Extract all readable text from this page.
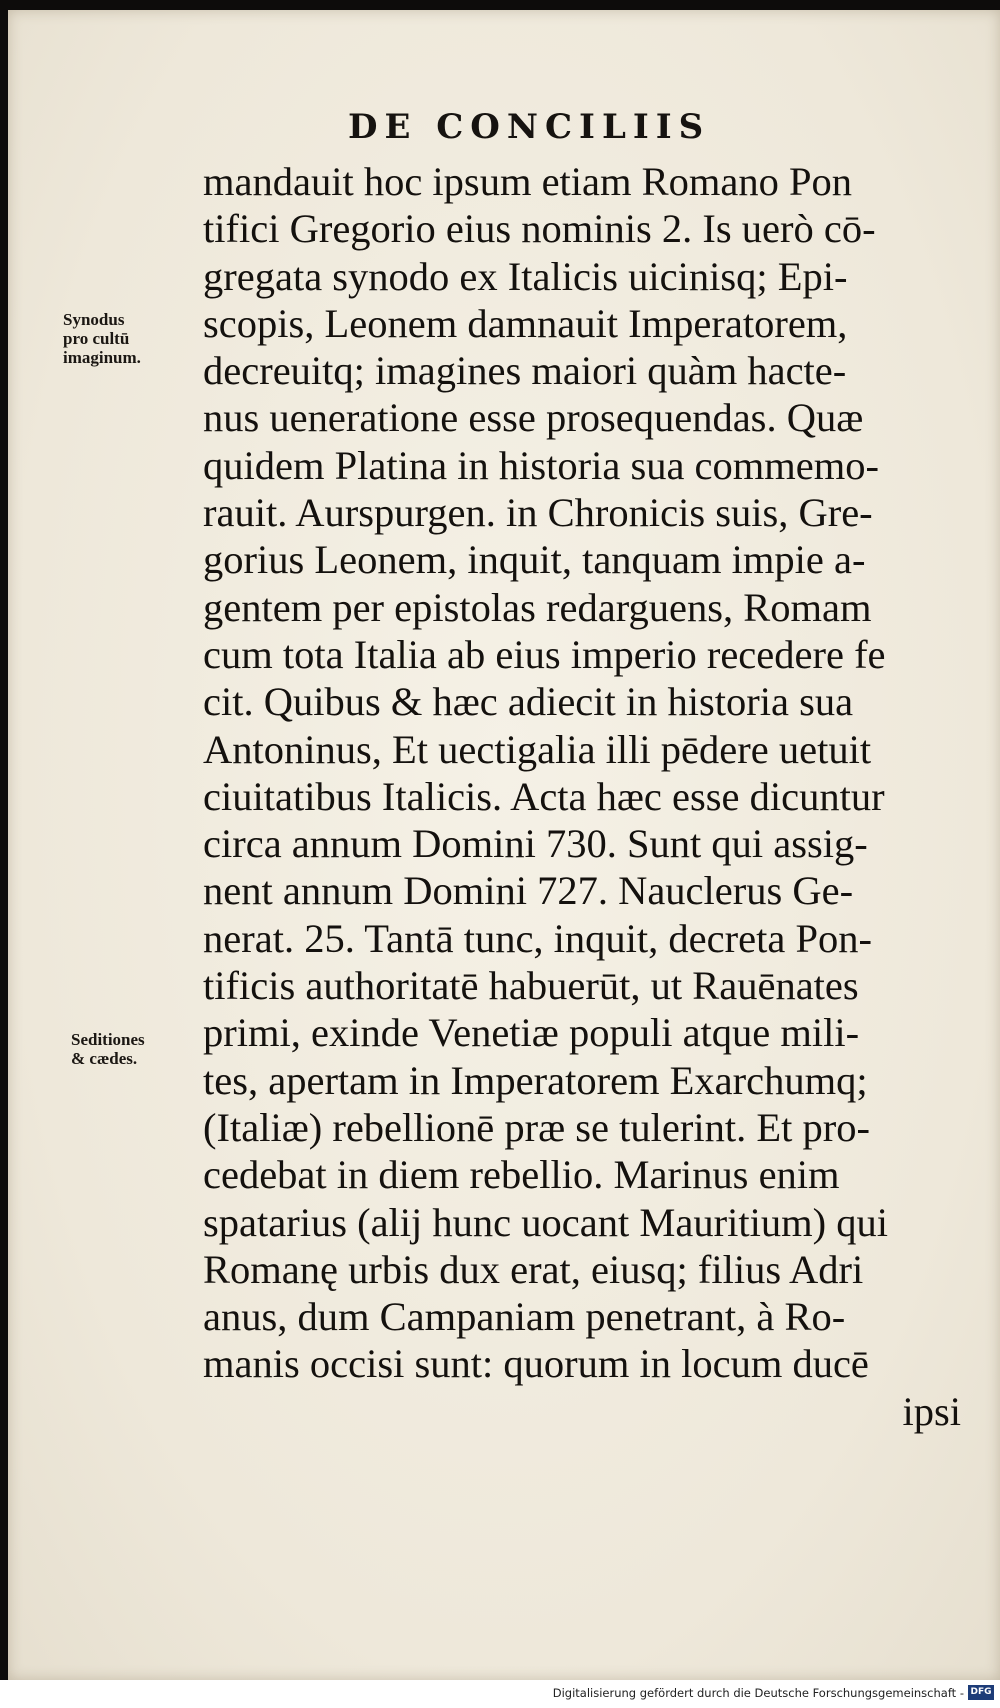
DE CONCILIIS
Synodus
pro cultū
imaginum.
Seditiones
& cædes.
mandauit hoc ipsum etiam Romano Pon
tifici Gregorio eius nominis 2. Is uerò cō-
gregata synodo ex Italicis uicinisq; Epi-
scopis, Leonem damnauit Imperatorem,
decreuitq; imagines maiori quàm hacte-
nus ueneratione esse prosequendas. Quæ
quidem Platina in historia sua commemo-
rauit. Aurspurgen. in Chronicis suis, Gre-
gorius Leonem, inquit, tanquam impie a-
gentem per epistolas redarguens, Romam
cum tota Italia ab eius imperio recedere fe
cit. Quibus & hæc adiecit in historia sua
Antoninus, Et uectigalia illi pēdere uetuit
ciuitatibus Italicis. Acta hæc esse dicuntur
circa annum Domini 730. Sunt qui assig-
nent annum Domini 727. Nauclerus Ge-
nerat. 25. Tantā tunc, inquit, decreta Pon-
tificis authoritatē habuerūt, ut Rauēnates
primi, exinde Venetiæ populi atque mili-
tes, apertam in Imperatorem Exarchumq;
(Italiæ) rebellionē præ se tulerint. Et pro-
cedebat in diem rebellio. Marinus enim
spatarius (alij hunc uocant Mauritium) qui
Romanę urbis dux erat, eiusq; filius Adri
anus, dum Campaniam penetrant, à Ro-
manis occisi sunt: quorum in locum ducē
ipsi
Digitalisierung gefördert durch die Deutsche Forschungsgemeinschaft - DFG
